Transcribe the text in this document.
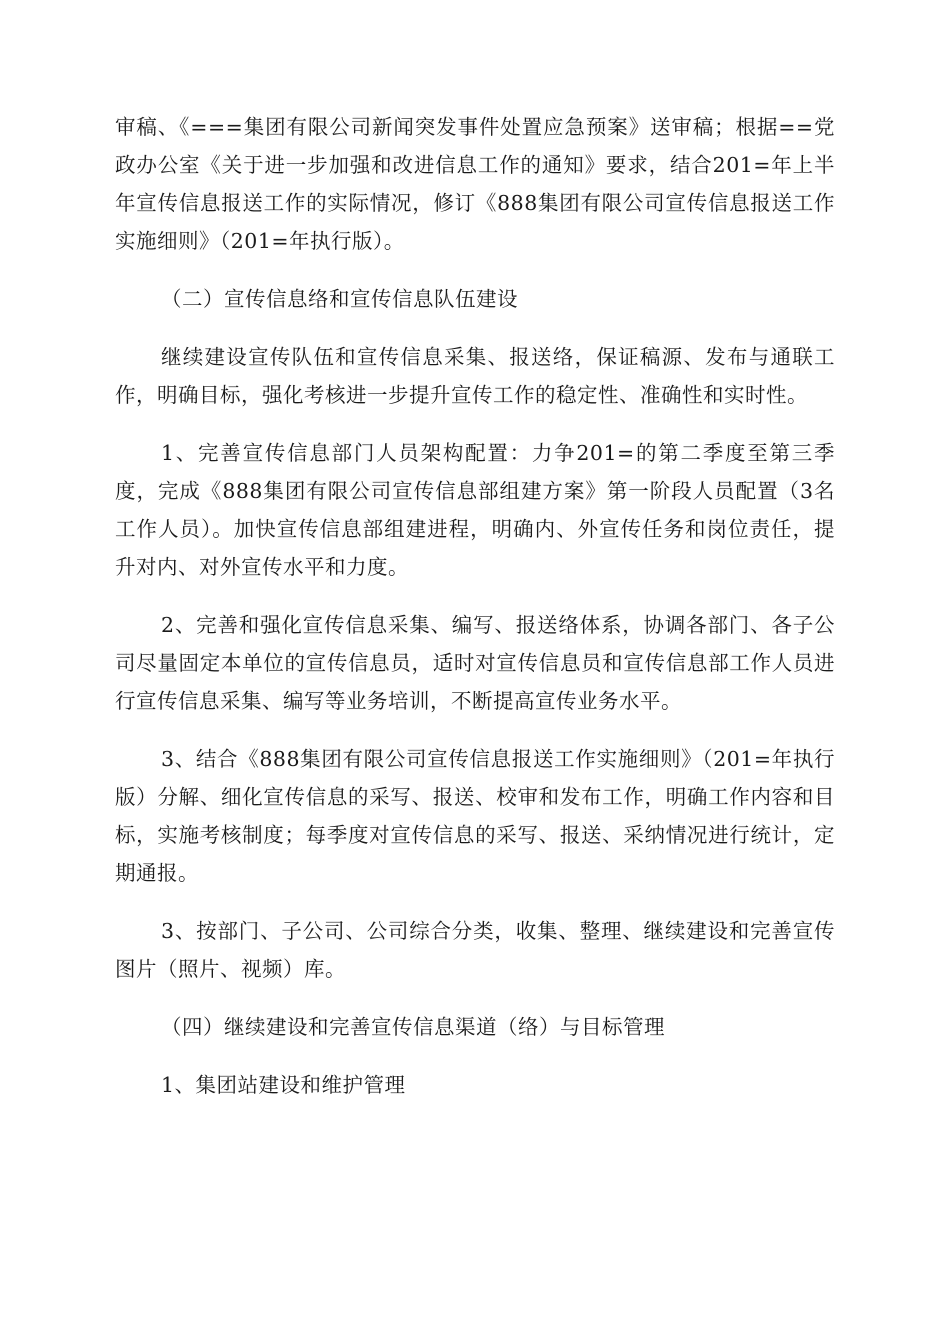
审稿、《===集团有限公司新闻突发事件处置应急预案》送审稿；根据==党政办公室《关于进一步加强和改进信息工作的通知》要求，结合201=年上半年宣传信息报送工作的实际情况，修订《888集团有限公司宣传信息报送工作实施细则》（201=年执行版）。

（二）宣传信息络和宣传信息队伍建设

继续建设宣传队伍和宣传信息采集、报送络，保证稿源、发布与通联工作，明确目标，强化考核进一步提升宣传工作的稳定性、准确性和实时性。

1、完善宣传信息部门人员架构配置：力争201=的第二季度至第三季度，完成《888集团有限公司宣传信息部组建方案》第一阶段人员配置（3名工作人员）。加快宣传信息部组建进程，明确内、外宣传任务和岗位责任，提升对内、对外宣传水平和力度。

2、完善和强化宣传信息采集、编写、报送络体系，协调各部门、各子公司尽量固定本单位的宣传信息员，适时对宣传信息员和宣传信息部工作人员进行宣传信息采集、编写等业务培训，不断提高宣传业务水平。

3、结合《888集团有限公司宣传信息报送工作实施细则》（201=年执行版）分解、细化宣传信息的采写、报送、校审和发布工作，明确工作内容和目标，实施考核制度；每季度对宣传信息的采写、报送、采纳情况进行统计，定期通报。

3、按部门、子公司、公司综合分类，收集、整理、继续建设和完善宣传图片（照片、视频）库。

（四）继续建设和完善宣传信息渠道（络）与目标管理

1、集团站建设和维护管理
